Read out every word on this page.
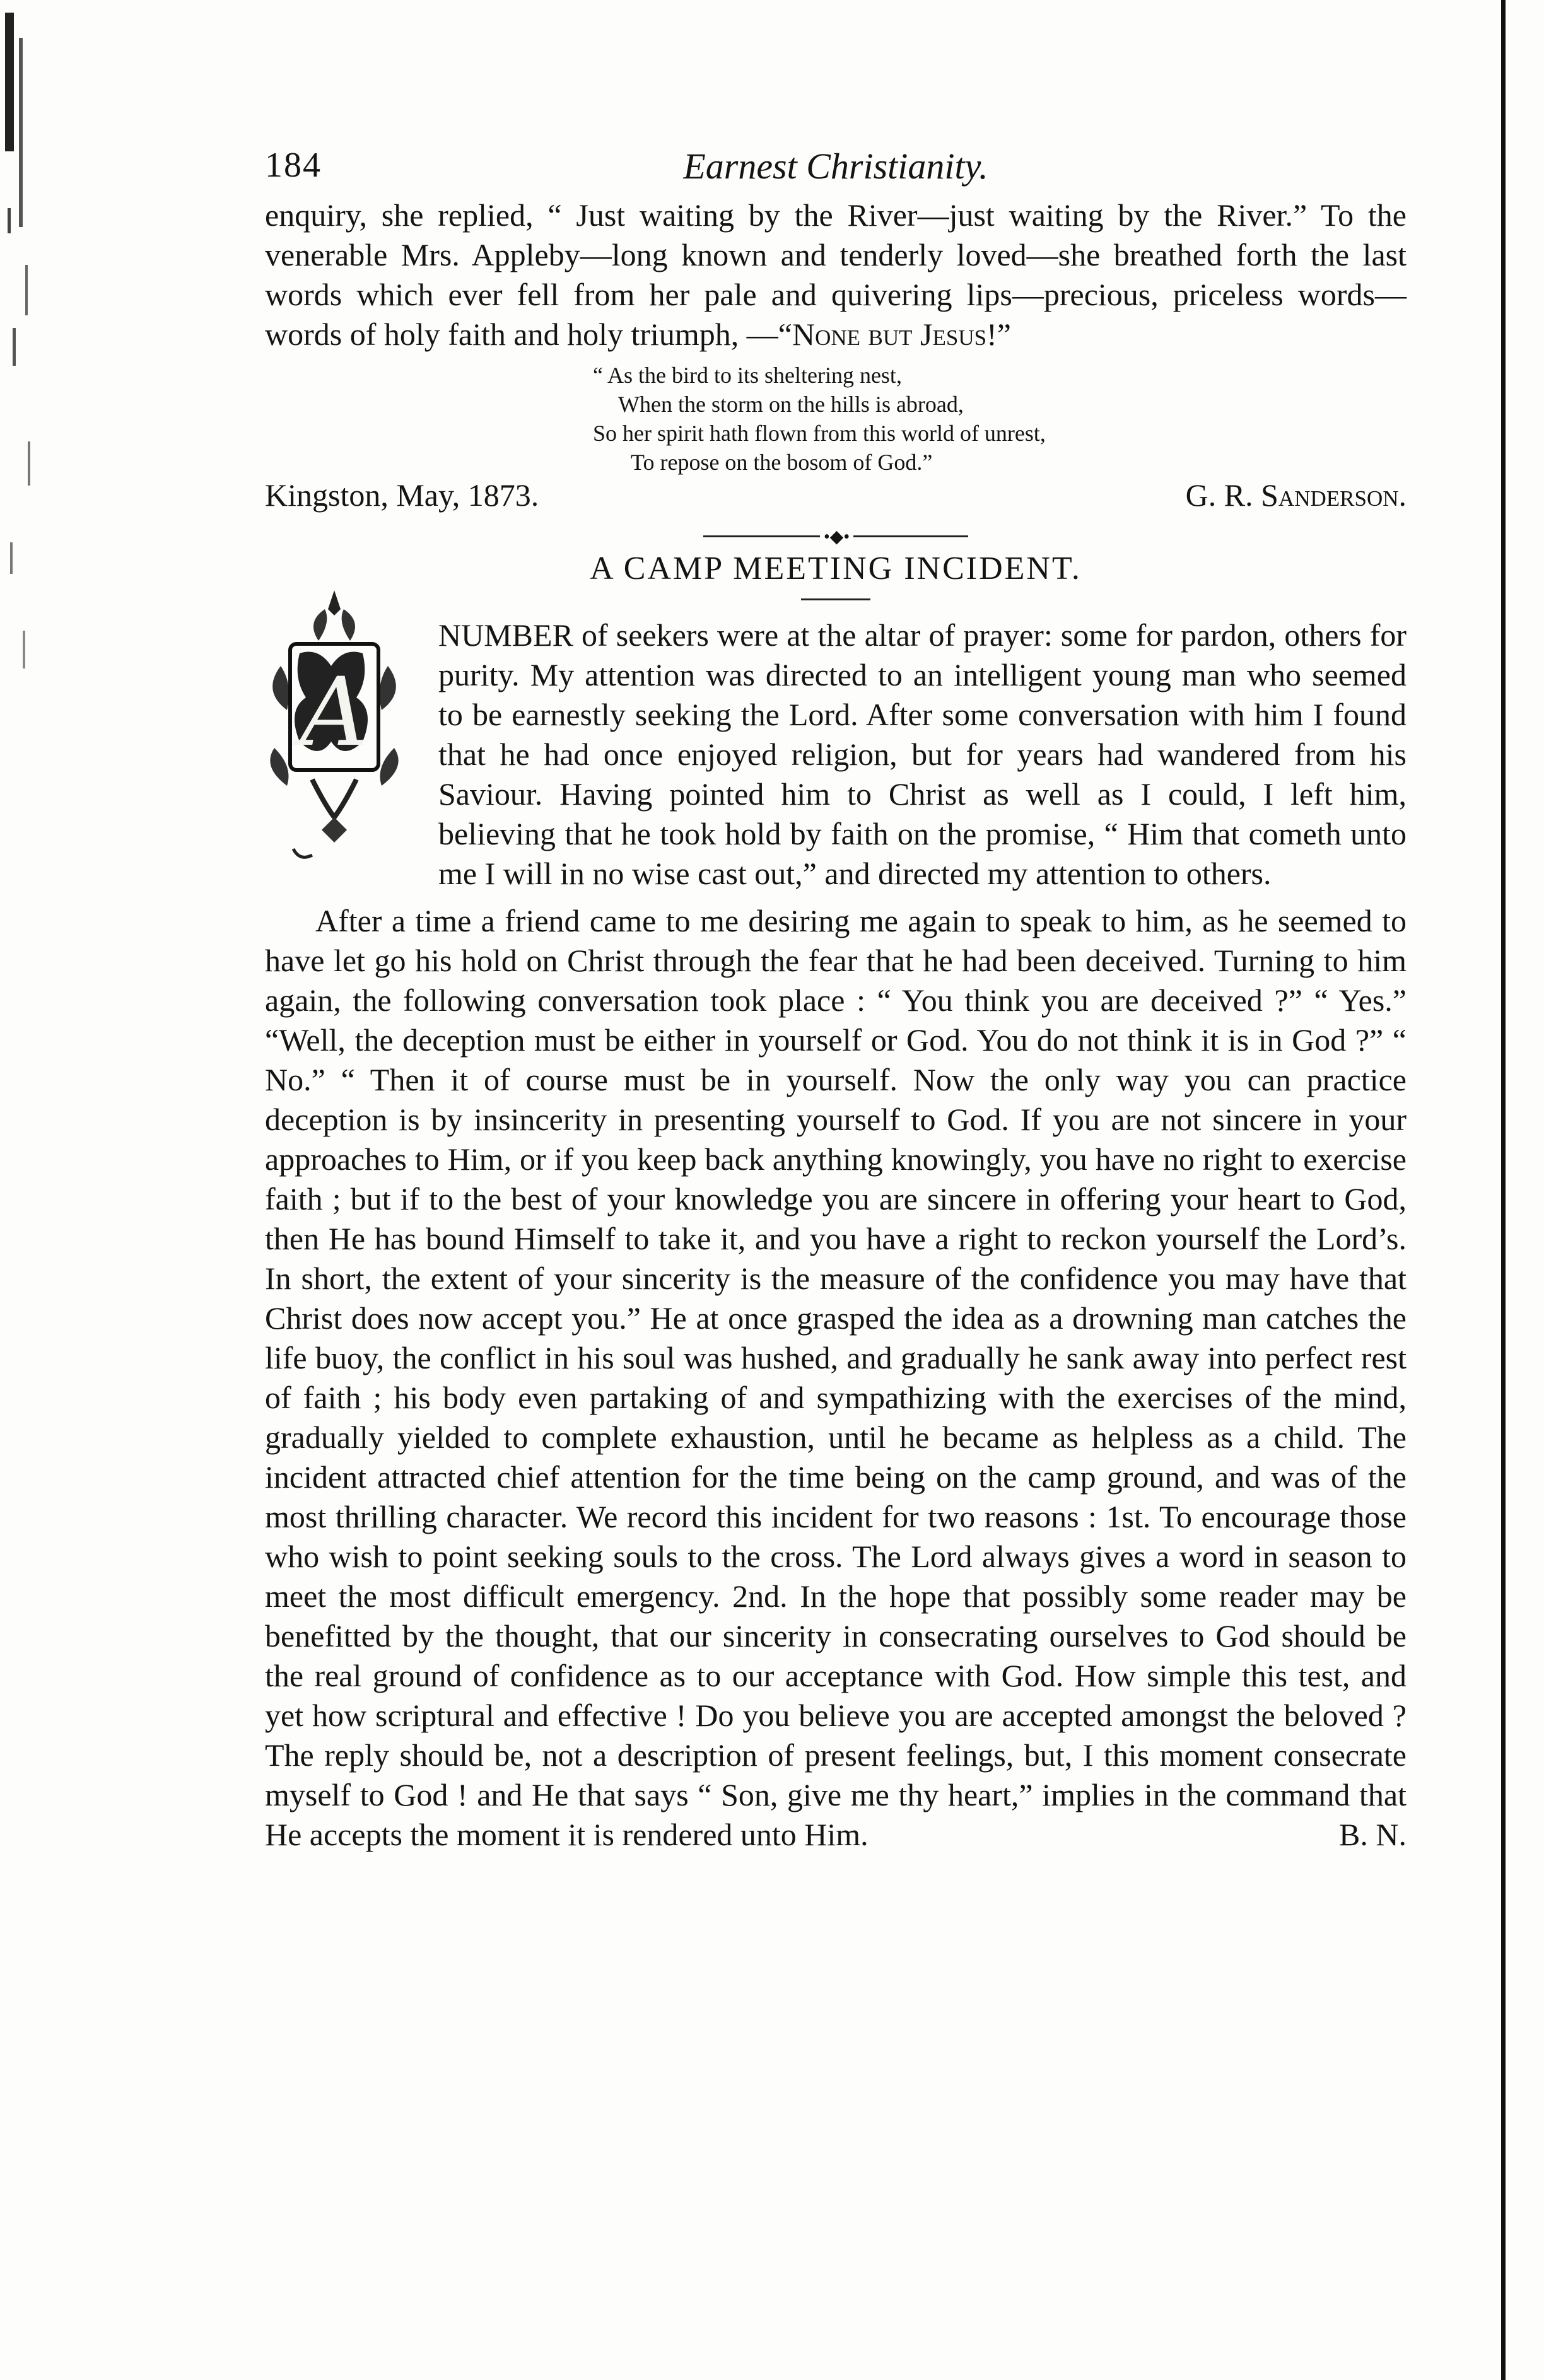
184	Earnest Christianity.

enquiry, she replied, “ Just waiting by the River—just waiting by the River.” To the venerable Mrs. Appleby—long known and tenderly loved—she breathed forth the last words which ever fell from her pale and quivering lips—precious, priceless words—words of holy faith and holy triumph, —“None but Jesus!”

“ As the bird to its sheltering nest,
When the storm on the hills is abroad,
So her spirit hath flown from this world of unrest,
To repose on the bosom of God.”
Kingston, May, 1873.	G. R. Sanderson.
•◆•
A CAMP MEETING INCIDENT.
A

NUMBER of seekers were at the altar of prayer: some for pardon, others for purity. My attention was directed to an intelligent young man who seemed to be earnestly seeking the Lord. After some conversation with him I found that he had once enjoyed religion, but for years had wandered from his Saviour. Having pointed him to Christ as well as I could, I left him, believing that he took hold by faith on the promise, “ Him that cometh unto me I will in no wise cast out,” and directed my attention to others.

After a time a friend came to me desiring me again to speak to him, as he seemed to have let go his hold on Christ through the fear that he had been deceived. Turning to him again, the following conversation took place : “ You think you are deceived ?” “ Yes.” “Well, the deception must be either in yourself or God. You do not think it is in God ?” “ No.” “ Then it of course must be in yourself. Now the only way you can practice deception is by insincerity in presenting yourself to God. If you are not sincere in your approaches to Him, or if you keep back anything knowingly, you have no right to exercise faith ; but if to the best of your knowledge you are sincere in offering your heart to God, then He has bound Himself to take it, and you have a right to reckon yourself the Lord’s. In short, the extent of your sincerity is the measure of the confidence you may have that Christ does now accept you.” He at once grasped the idea as a drowning man catches the life buoy, the conflict in his soul was hushed, and gradually he sank away into perfect rest of faith ; his body even partaking of and sympathizing with the exercises of the mind, gradually yielded to complete exhaustion, until he became as helpless as a child. The incident attracted chief attention for the time being on the camp ground, and was of the most thrilling character. We record this incident for two reasons : 1st. To encourage those who wish to point seeking souls to the cross. The Lord always gives a word in season to meet the most difficult emergency. 2nd. In the hope that possibly some reader may be benefitted by the thought, that our sincerity in consecrating ourselves to God should be the real ground of confidence as to our acceptance with God. How simple this test, and yet how scriptural and effective ! Do you believe you are accepted amongst the beloved ? The reply should be, not a description of present feelings, but, I this moment consecrate myself to God ! and He that says “ Son, give me thy heart,” implies in the command that He accepts the moment it is rendered unto Him.	B. N.
